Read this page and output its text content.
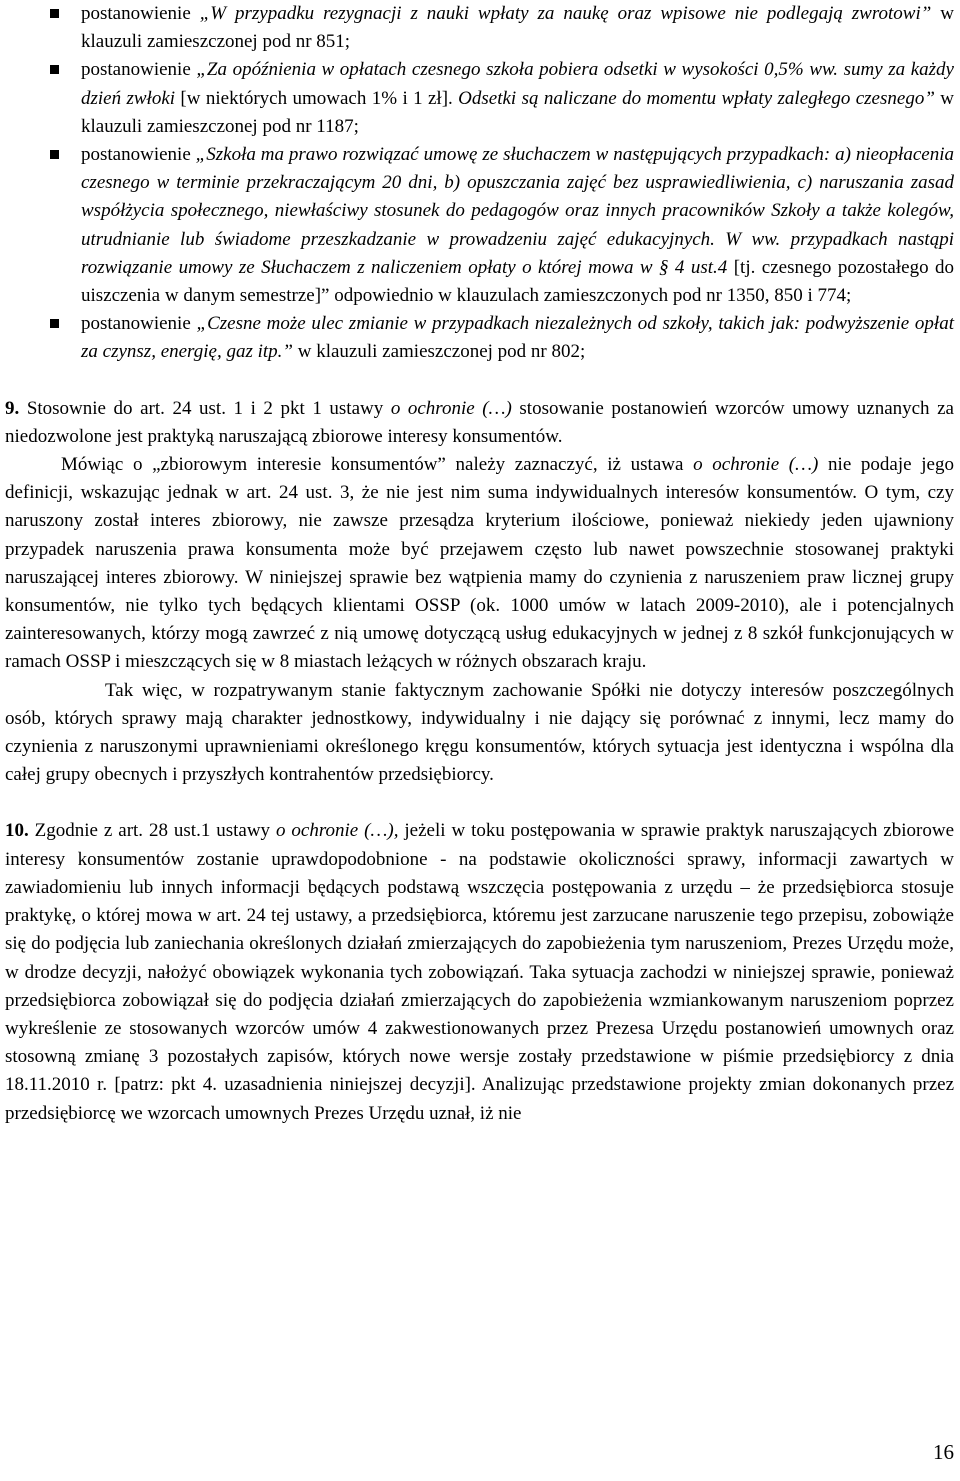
postanowienie „W przypadku rezygnacji z nauki wpłaty za naukę oraz wpisowe nie podlegają zwrotowi” w klauzuli zamieszczonej pod nr 851;
postanowienie „Za opóźnienia w opłatach czesnego szkoła pobiera odsetki w wysokości 0,5% ww. sumy za każdy dzień zwłoki [w niektórych umowach 1% i 1 zł]. Odsetki są naliczane do momentu wpłaty zaległego czesnego” w klauzuli zamieszczonej pod nr 1187;
postanowienie „Szkoła ma prawo rozwiązać umowę ze słuchaczem w następujących przypadkach: a) nieopłacenia czesnego w terminie przekraczającym 20 dni, b) opuszczania zajęć bez usprawiedliwienia, c) naruszania zasad współżycia społecznego, niewłaściwy stosunek do pedagogów oraz innych pracowników Szkoły a także kolegów, utrudnianie lub świadome przeszkadzanie w prowadzeniu zajęć edukacyjnych. W ww. przypadkach nastąpi rozwiązanie umowy ze Słuchaczem z naliczeniem opłaty o której mowa w § 4 ust.4 [tj. czesnego pozostałego do uiszczenia w danym semestrze]” odpowiednio w klauzulach zamieszczonych pod nr 1350, 850 i 774;
postanowienie „Czesne może ulec zmianie w przypadkach niezależnych od szkoły, takich jak: podwyższenie opłat za czynsz, energię, gaz itp.” w klauzuli zamieszczonej pod nr 802;

9. Stosownie do art. 24 ust. 1 i 2 pkt 1 ustawy o ochronie (…) stosowanie postanowień wzorców umowy uznanych za niedozwolone jest praktyką naruszającą zbiorowe interesy konsumentów.

Mówiąc o „zbiorowym interesie konsumentów” należy zaznaczyć, iż ustawa o ochronie (…) nie podaje jego definicji, wskazując jednak w art. 24 ust. 3, że nie jest nim suma indywidualnych interesów konsumentów. O tym, czy naruszony został interes zbiorowy, nie zawsze przesądza kryterium ilościowe, ponieważ niekiedy jeden ujawniony przypadek naruszenia prawa konsumenta może być przejawem często lub nawet powszechnie stosowanej praktyki naruszającej interes zbiorowy. W niniejszej sprawie bez wątpienia mamy do czynienia z naruszeniem praw licznej grupy konsumentów, nie tylko tych będących klientami OSSP (ok. 1000 umów w latach 2009-2010), ale i potencjalnych zainteresowanych, którzy mogą zawrzeć z nią umowę dotyczącą usług edukacyjnych w jednej z 8 szkół funkcjonujących w ramach OSSP i mieszczących się w 8 miastach leżących w różnych obszarach kraju.

Tak więc, w rozpatrywanym stanie faktycznym zachowanie Spółki nie dotyczy interesów poszczególnych osób, których sprawy mają charakter jednostkowy, indywidualny i nie dający się porównać z innymi, lecz mamy do czynienia z naruszonymi uprawnieniami określonego kręgu konsumentów, których sytuacja jest identyczna i wspólna dla całej grupy obecnych i przyszłych kontrahentów przedsiębiorcy.

10. Zgodnie z art. 28 ust.1 ustawy o ochronie (…), jeżeli w toku postępowania w sprawie praktyk naruszających zbiorowe interesy konsumentów zostanie uprawdopodobnione - na podstawie okoliczności sprawy, informacji zawartych w zawiadomieniu lub innych informacji będących podstawą wszczęcia postępowania z urzędu – że przedsiębiorca stosuje praktykę, o której mowa w art. 24 tej ustawy, a przedsiębiorca, któremu jest zarzucane naruszenie tego przepisu, zobowiąże się do podjęcia lub zaniechania określonych działań zmierzających do zapobieżenia tym naruszeniom, Prezes Urzędu może, w drodze decyzji, nałożyć obowiązek wykonania tych zobowiązań. Taka sytuacja zachodzi w niniejszej sprawie, ponieważ przedsiębiorca zobowiązał się do podjęcia działań zmierzających do zapobieżenia wzmiankowanym naruszeniom poprzez wykreślenie ze stosowanych wzorców umów 4 zakwestionowanych przez Prezesa Urzędu postanowień umownych oraz stosowną zmianę 3 pozostałych zapisów, których nowe wersje zostały przedstawione w piśmie przedsiębiorcy z dnia 18.11.2010 r. [patrz: pkt 4. uzasadnienia niniejszej decyzji]. Analizując przedstawione projekty zmian dokonanych przez przedsiębiorcę we wzorcach umownych Prezes Urzędu uznał, iż nie

16
